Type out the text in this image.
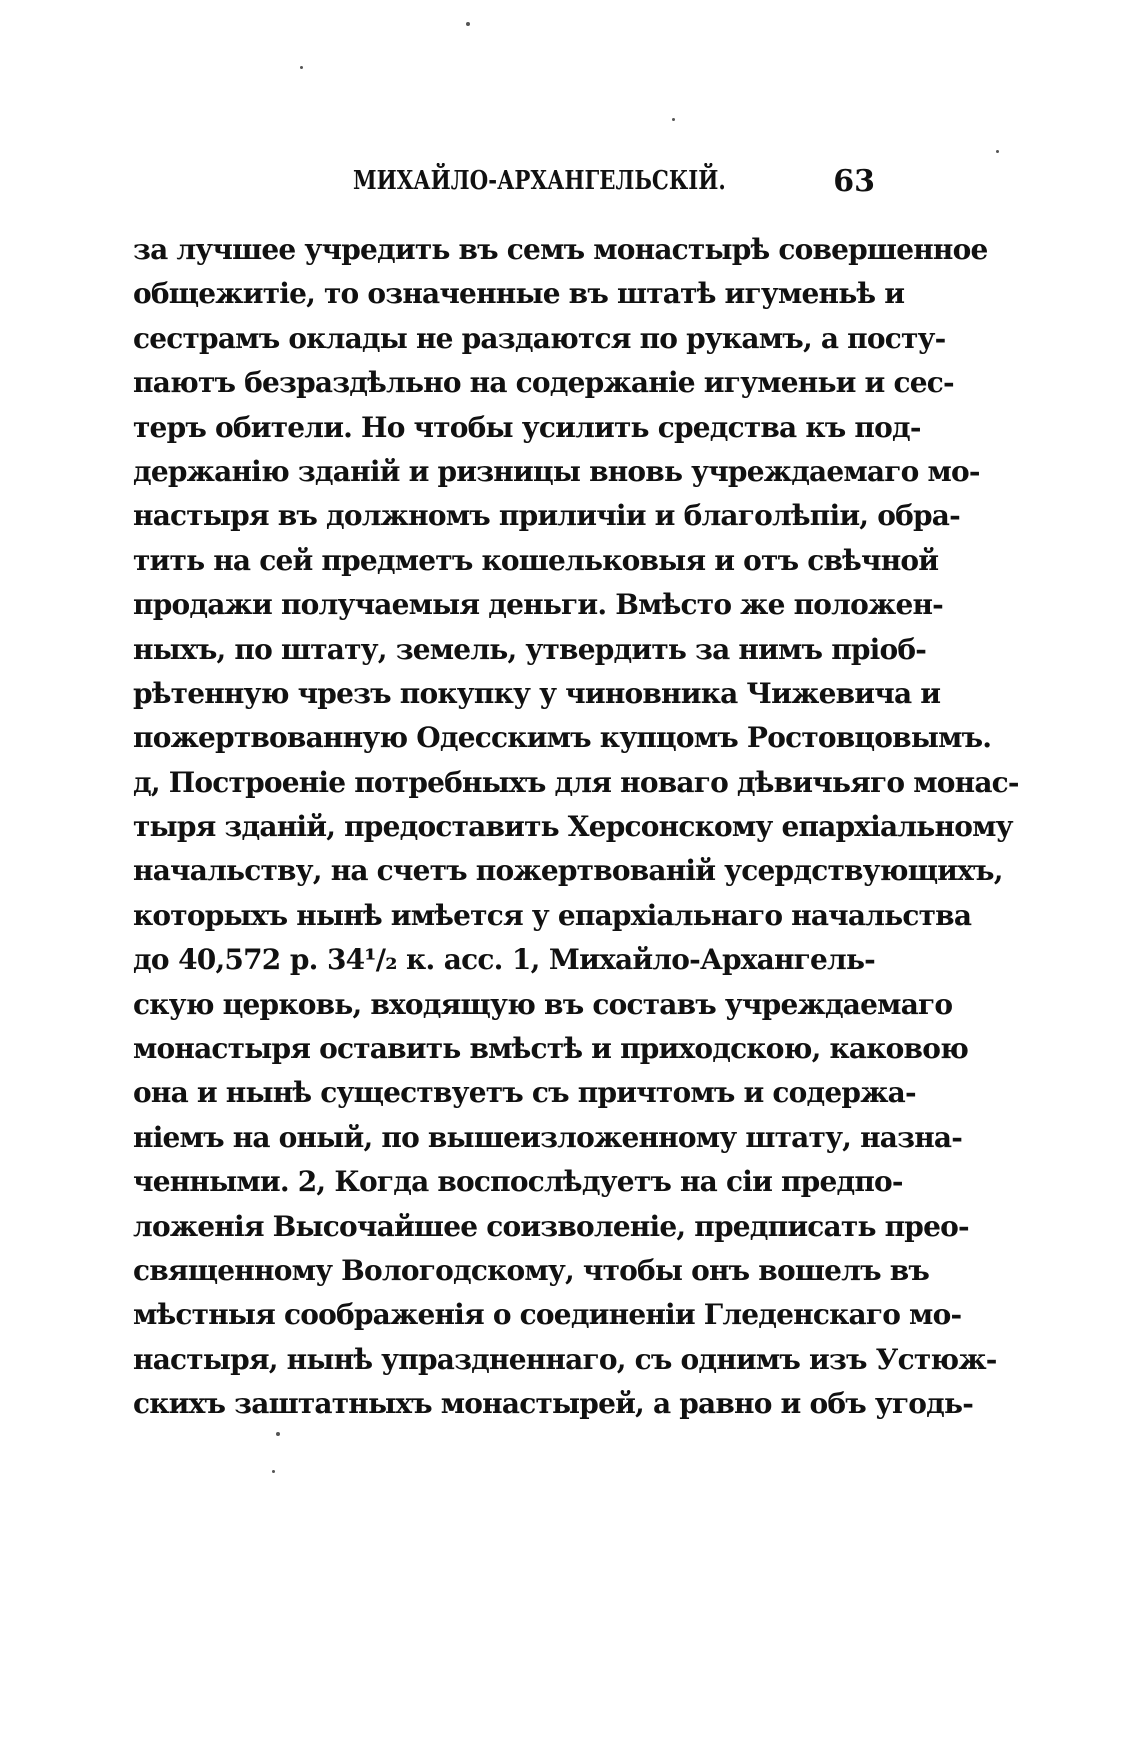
МИХАЙЛО-АРХАНГЕЛЬСКІЙ.	63
за лучшее учредить въ семъ монастырѣ совершенное
общежитіе, то означенные въ штатѣ игуменьѣ и
сестрамъ оклады не раздаются по рукамъ, а посту-
паютъ безраздѣльно на содержаніе игуменьи и сес-
теръ обители. Но чтобы усилить средства къ под-
держанію зданій и ризницы вновь учреждаемаго мо-
настыря въ должномъ приличіи и благолѣпіи, обра-
тить на сей предметъ кошельковыя и отъ свѣчной
продажи получаемыя деньги. Вмѣсто же положен-
ныхъ, по штату, земель, утвердить за нимъ пріоб-
рѣтенную чрезъ покупку у чиновника Чижевича и
пожертвованную Одесскимъ купцомъ Ростовцовымъ.
д, Построеніе потребныхъ для новаго дѣвичьяго монас-
тыря зданій, предоставить Херсонскому епархіальному
начальству, на счетъ пожертвованій усердствующихъ,
которыхъ нынѣ имѣется у епархіальнаго начальства
до 40,572 р. 34¹/₂ к. асс. 1, Михайло-Архангель-
скую церковь, входящую въ составъ учреждаемаго
монастыря оставить вмѣстѣ и приходскою, каковою
она и нынѣ существуетъ съ причтомъ и содержа-
ніемъ на оный, по вышеизложенному штату, назна-
ченными. 2, Когда воспослѣдуетъ на сіи предпо-
ложенія Высочайшее соизволеніе, предписать прео-
священному Вологодскому, чтобы онъ вошелъ въ
мѣстныя соображенія о соединеніи Гледенскаго мо-
настыря, нынѣ упраздненнаго, съ однимъ изъ Устюж-
скихъ заштатныхъ монастырей, а равно и объ угодь-
